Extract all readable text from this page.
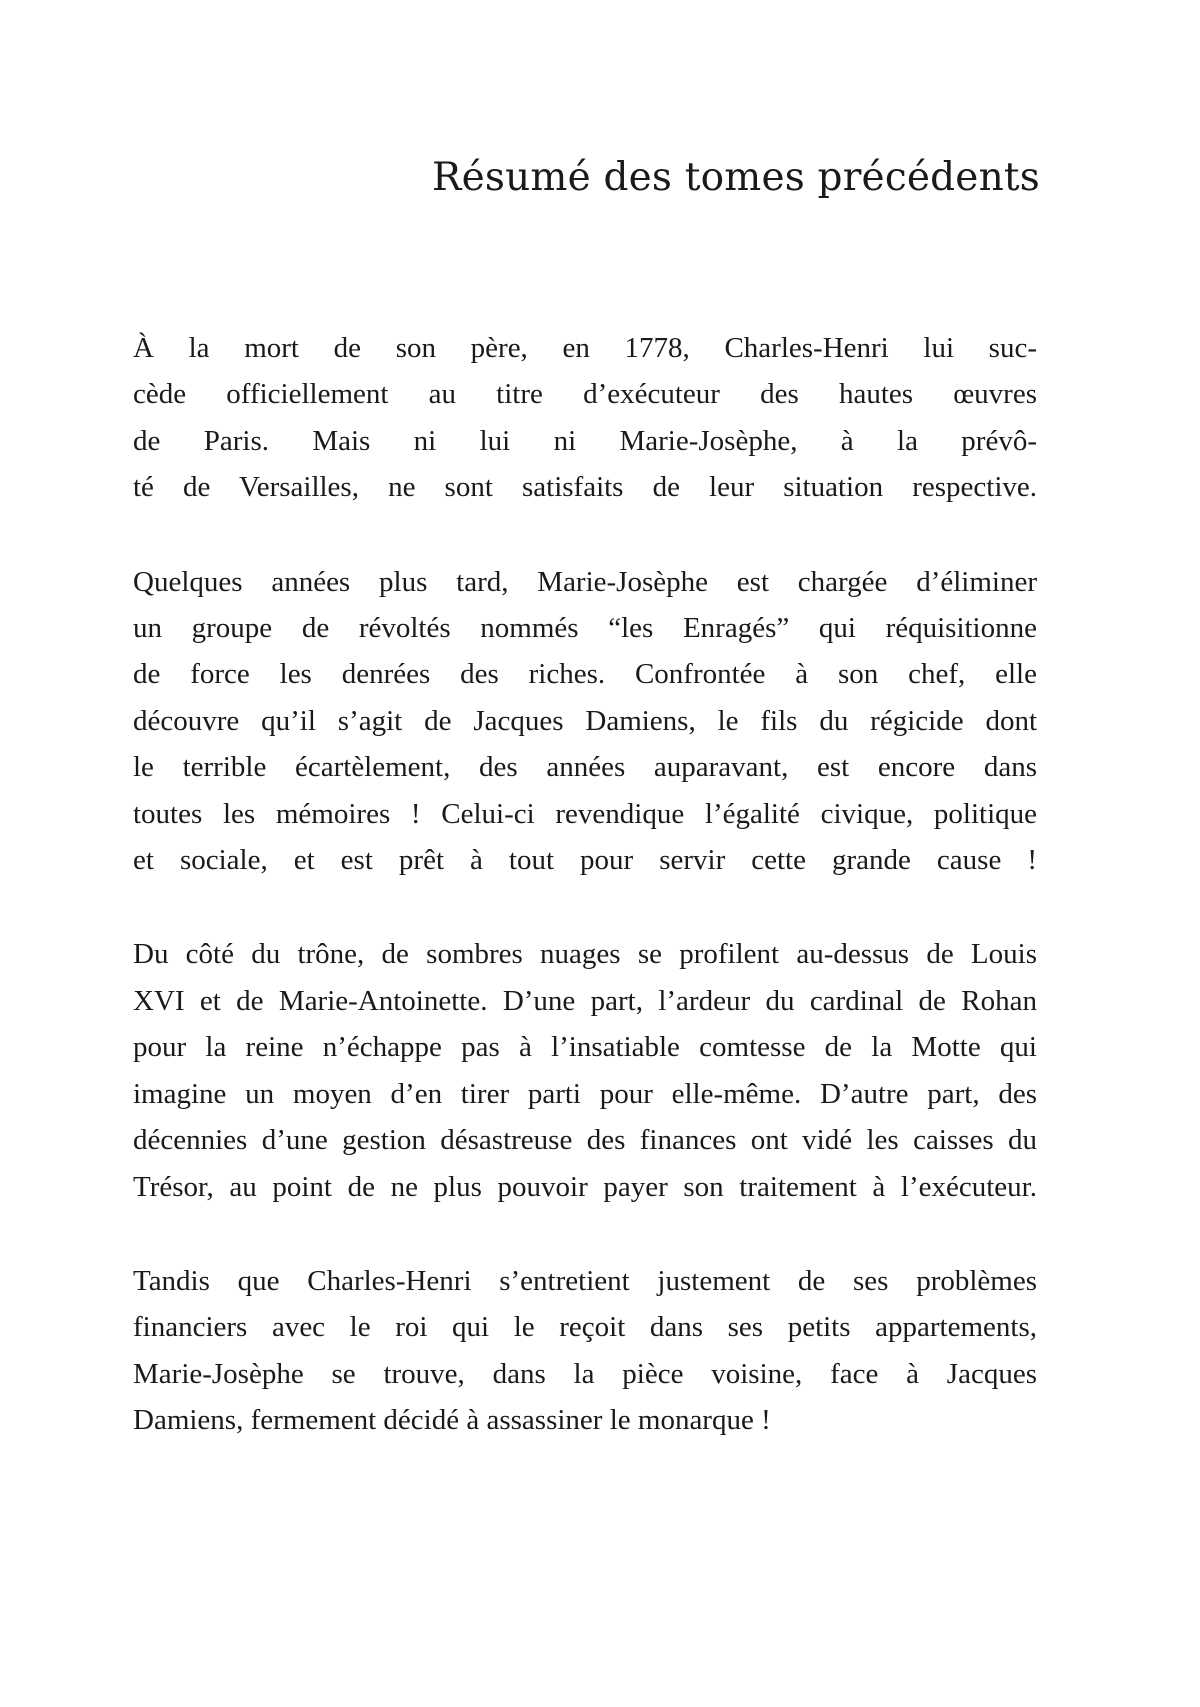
Résumé des tomes précédents

À la mort de son père, en 1778, Charles-Henri lui suc-
cède officiellement au titre d’exécuteur des hautes œuvres
de Paris. Mais ni lui ni Marie-Josèphe, à la prévô-
té de Versailles, ne sont satisfaits de leur situation respective.

Quelques années plus tard, Marie-Josèphe est chargée d’éliminer
un groupe de révoltés nommés “les Enragés” qui réquisitionne
de force les denrées des riches. Confrontée à son chef, elle
découvre qu’il s’agit de Jacques Damiens, le fils du régicide dont
le terrible écartèlement, des années auparavant, est encore dans
toutes les mémoires ! Celui-ci revendique l’égalité civique, politique
et sociale, et est prêt à tout pour servir cette grande cause !

Du côté du trône, de sombres nuages se profilent au-dessus de Louis
XVI et de Marie-Antoinette. D’une part, l’ardeur du cardinal de Rohan
pour la reine n’échappe pas à l’insatiable comtesse de la Motte qui
imagine un moyen d’en tirer parti pour elle-même. D’autre part, des
décennies d’une gestion désastreuse des finances ont vidé les caisses du
Trésor, au point de ne plus pouvoir payer son traitement à l’exécuteur.

Tandis que Charles-Henri s’entretient justement de ses problèmes
financiers avec le roi qui le reçoit dans ses petits appartements,
Marie-Josèphe se trouve, dans la pièce voisine, face à Jacques
Damiens, fermement décidé à assassiner le monarque !
